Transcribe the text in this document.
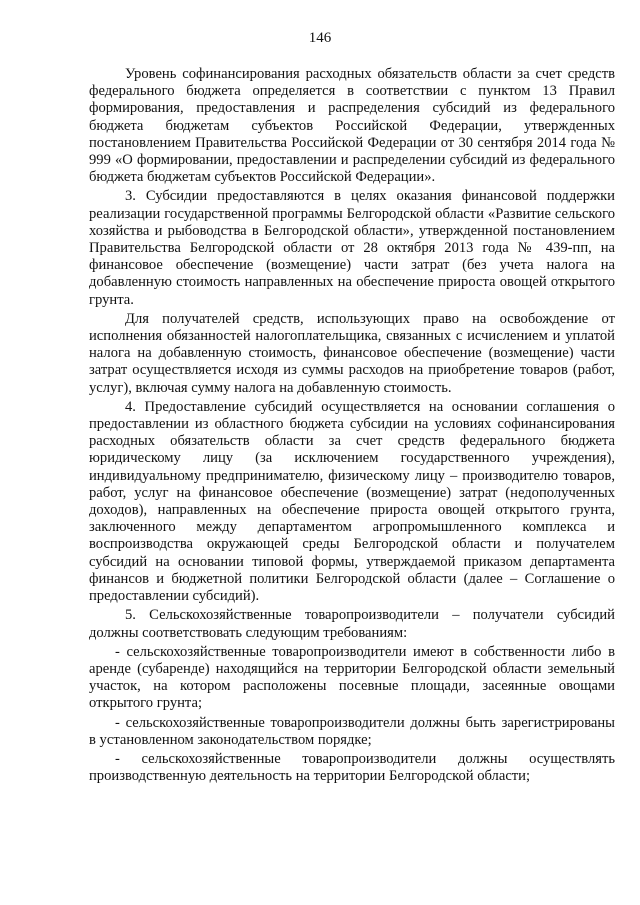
146

Уровень софинансирования расходных обязательств области за счет средств федерального бюджета определяется в соответствии с пунктом 13 Правил формирования, предоставления и распределения субсидий из федерального бюджета бюджетам субъектов Российской Федерации, утвержденных постановлением Правительства Российской Федерации от 30 сентября 2014 года № 999 «О формировании, предоставлении и распределении субсидий из федерального бюджета бюджетам субъектов Российской Федерации».

3. Субсидии предоставляются в целях оказания финансовой поддержки реализации государственной программы Белгородской области «Развитие сельского хозяйства и рыбоводства в Белгородской области», утвержденной постановлением Правительства Белгородской области от 28 октября 2013 года № 439-пп, на финансовое обеспечение (возмещение) части затрат (без учета налога на добавленную стоимость направленных на обеспечение прироста овощей открытого грунта.

Для получателей средств, использующих право на освобождение от исполнения обязанностей налогоплательщика, связанных с исчислением и уплатой налога на добавленную стоимость, финансовое обеспечение (возмещение) части затрат осуществляется исходя из суммы расходов на приобретение товаров (работ, услуг), включая сумму налога на добавленную стоимость.

4. Предоставление субсидий осуществляется на основании соглашения о предоставлении из областного бюджета субсидии на условиях софинансирования расходных обязательств области за счет средств федерального бюджета юридическому лицу (за исключением государственного учреждения), индивидуальному предпринимателю, физическому лицу – производителю товаров, работ, услуг на финансовое обеспечение (возмещение) затрат (недополученных доходов), направленных на обеспечение прироста овощей открытого грунта, заключенного между департаментом агропромышленного комплекса и воспроизводства окружающей среды Белгородской области и получателем субсидий на основании типовой формы, утверждаемой приказом департамента финансов и бюджетной политики Белгородской области (далее – Соглашение о предоставлении субсидий).

5. Сельскохозяйственные товаропроизводители – получатели субсидий должны соответствовать следующим требованиям:

- сельскохозяйственные товаропроизводители имеют в собственности либо в аренде (субаренде) находящийся на территории Белгородской области земельный участок, на котором расположены посевные площади, засеянные овощами открытого грунта;

- сельскохозяйственные товаропроизводители должны быть зарегистрированы в установленном законодательством порядке;

- сельскохозяйственные товаропроизводители должны осуществлять производственную деятельность на территории Белгородской области;
